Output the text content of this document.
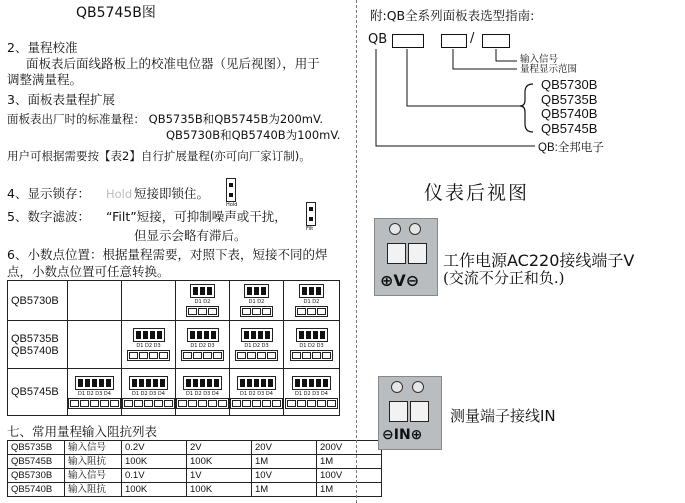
QB5745B图
2、量程校准
面板表后面线路板上的校准电位器（见后视图），用于
调整满量程。
3、面板表量程扩展
面板表出厂时的标准量程： QB5735B和QB5745B为200mV.
QB5730B和QB5740B为100mV.
用户可根据需要按【表2】自行扩展量程(亦可向厂家订制)。
4、显示锁存： Hold 短接即锁住。
Hold
5、数字滤波： “Filt”短接，可抑制噪声或干扰，
但显示会略有滞后。	Filt
6、小数点位置：根据量程需要，对照下表，短接不同的焊
点，小数点位置可任意转换。
QB5730B			D1 D2	D1 D2	D1 D2

QB5735B
QB5740B		D1 D2 D3	D1 D2 D3	D1 D2 D3	D1 D2 D3

QB5745B	D1 D2 D3 D4	D1 D2 D3 D4	D1 D2 D3 D4	D1 D2 D3 D4	D1 D2 D3 D4
七、常用量程输入阻抗列表
QB5735B	输入信号	0.2V	2V	20V	200V
QB5745B	输入阻抗	100K	100K	1M	1M
QB5730B	输入信号	0.1V	1V	10V	100V
QB5740B	输入阻抗	100K	100K	1M	1M
附:QB全系列面板表选型指南:
QB	/
输入信号
量程显示范围
QB5730B
QB5735B
QB5740B
QB5745B
QB:全邦电子
仪表后视图
⊕V⊖
工作电源AC220接线端子V
(交流不分正和负.)
⊖IN⊕
测量端子接线IN
